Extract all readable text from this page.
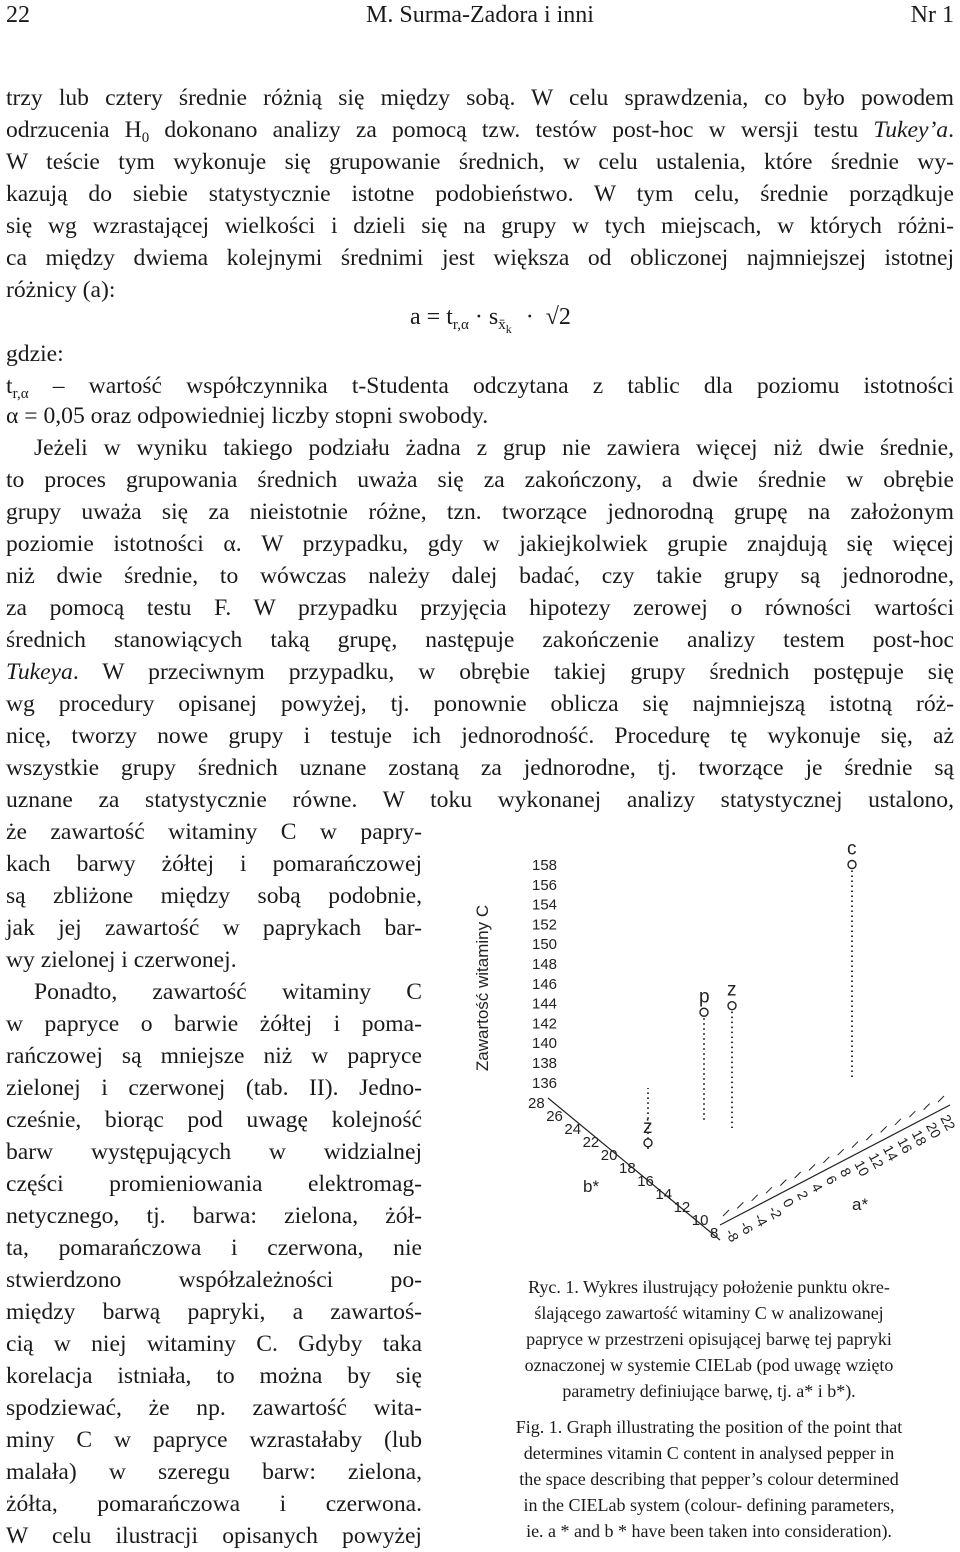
22	M. Surma-Zadora i inni	Nr 1
trzy lub cztery średnie różnią się między sobą. W celu sprawdzenia, co było powodem
odrzucenia $H_0$ dokonano analizy za pomocą tzw. testów post-hoc w wersji testu Tukey’a.
W teście tym wykonuje się grupowanie średnich, w celu ustalenia, które średnie wy-
kazują do siebie statystycznie istotne podobieństwo. W tym celu, średnie porządkuje
się wg wzrastającej wielkości i dzieli się na grupy w tych miejscach, w których różni-
ca między dwiema kolejnymi średnimi jest większa od obliczonej najmniejszej istotnej
różnicy (a):
$a = t_{r,\alpha} \cdot s_{x̄_k} \cdot √2$
gdzie:
$t_{r,\alpha}$ – wartość współczynnika t-Studenta odczytana z tablic dla poziomu istotności
α = 0,05 oraz odpowiedniej liczby stopni swobody.
Jeżeli w wyniku takiego podziału żadna z grup nie zawiera więcej niż dwie średnie,
to proces grupowania średnich uważa się za zakończony, a dwie średnie w obrębie
grupy uważa się za nieistotnie różne, tzn. tworzące jednorodną grupę na założonym
poziomie istotności α. W przypadku, gdy w jakiejkolwiek grupie znajdują się więcej
niż dwie średnie, to wówczas należy dalej badać, czy takie grupy są jednorodne,
za pomocą testu F. W przypadku przyjęcia hipotezy zerowej o równości wartości
średnich stanowiących taką grupę, następuje zakończenie analizy testem post-hoc
Tukeya. W przeciwnym przypadku, w obrębie takiej grupy średnich postępuje się
wg procedury opisanej powyżej, tj. ponownie oblicza się najmniejszą istotną róż-
nicę, tworzy nowe grupy i testuje ich jednorodność. Procedurę tę wykonuje się, aż
wszystkie grupy średnich uznane zostaną za jednorodne, tj. tworzące je średnie są
uznane za statystycznie równe. W toku wykonanej analizy statystycznej ustalono,
że zawartość witaminy C w papry-
kach barwy żółtej i pomarańczowej
są zbliżone między sobą podobnie,
jak jej zawartość w paprykach bar-
wy zielonej i czerwonej.
Ponadto, zawartość witaminy C
w papryce o barwie żółtej i poma-
rańczowej są mniejsze niż w papryce
zielonej i czerwonej (tab. II). Jedno-
cześnie, biorąc pod uwagę kolejność
barw występujących w widzialnej
części promieniowania elektromag-
netycznego, tj. barwa: zielona, żół-
ta, pomarańczowa i czerwona, nie
stwierdzono współzależności po-
między barwą papryki, a zawartoś-
cią w niej witaminy C. Gdyby taka
korelacja istniała, to można by się
spodziewać, że np. zawartość wita-
miny C w papryce wzrastałaby (lub
malała) w szeregu barw: zielona,
żółta, pomarańczowa i czerwona.
W celu ilustracji opisanych powyżej
Zawartość witaminy C
158
156
154
152
150
148
146
144
142
140
138
136
28
26
24
22
20
18
16
14
12
10
8 -8
-6
-4
-2
0
2
4
6
8
10
12
14
16
18
20
22
ż
p z
c
b*
a*
Ryc. 1. Wykres ilustrujący położenie punktu okre-
ślającego zawartość witaminy C w analizowanej
papryce w przestrzeni opisującej barwę tej papryki
oznaczonej w systemie CIELab (pod uwagę wzięto
parametry definiujące barwę, tj. a* i b*).
Fig. 1. Graph illustrating the position of the point that
determines vitamin C content in analysed pepper in
the space describing that pepper’s colour determined
in the CIELab system (colour- defining parameters,
ie. a * and b * have been taken into consideration).
